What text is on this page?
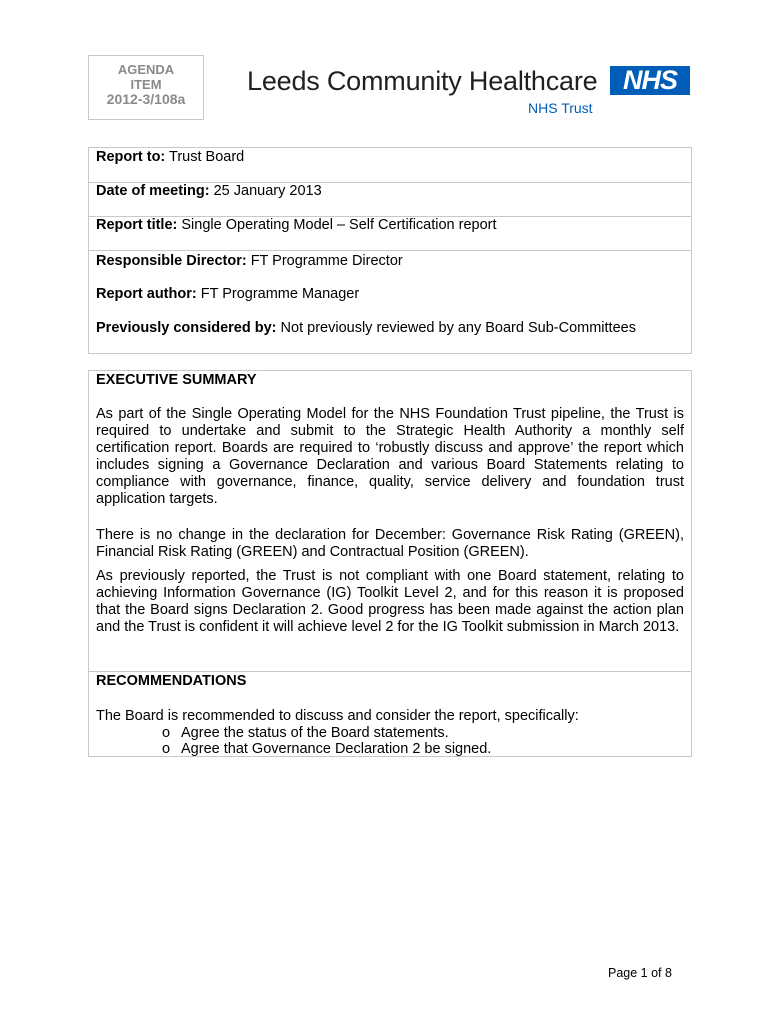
AGENDA
ITEM
2012-3/108a
Leeds Community Healthcare NHS
NHS Trust
Report to: Trust Board
Date of meeting: 25 January 2013
Report title: Single Operating Model – Self Certification report
Responsible Director: FT Programme Director
Report author: FT Programme Manager
Previously considered by: Not previously reviewed by any Board Sub-Committees
EXECUTIVE SUMMARY

As part of the Single Operating Model for the NHS Foundation Trust pipeline, the Trust is required to undertake and submit to the Strategic Health Authority a monthly self certification report. Boards are required to ‘robustly discuss and approve’ the report which includes signing a Governance Declaration and various Board Statements relating to compliance with governance, finance, quality, service delivery and foundation trust application targets.

There is no change in the declaration for December: Governance Risk Rating (GREEN), Financial Risk Rating (GREEN) and Contractual Position (GREEN).

As previously reported, the Trust is not compliant with one Board statement, relating to achieving Information Governance (IG) Toolkit Level 2, and for this reason it is proposed that the Board signs Declaration 2. Good progress has been made against the action plan and the Trust is confident it will achieve level 2 for the IG Toolkit submission in March 2013.

RECOMMENDATIONS
The Board is recommended to discuss and consider the report, specifically:
o Agree the status of the Board statements.
o Agree that Governance Declaration 2 be signed.
Page 1 of 8
